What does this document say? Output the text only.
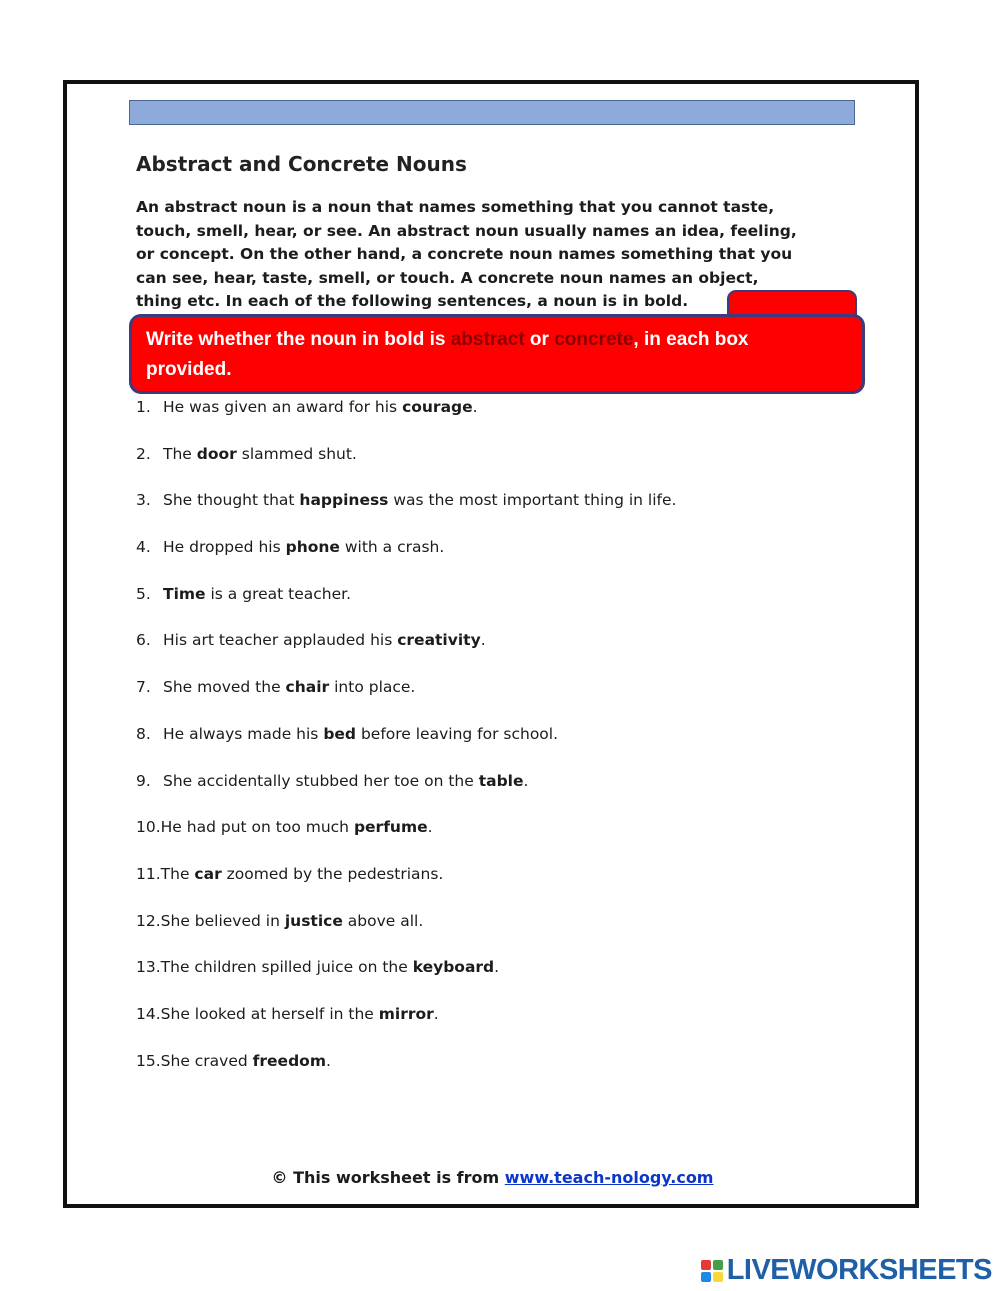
Abstract and Concrete Nouns
An abstract noun is a noun that names something that you cannot taste,
touch, smell, hear, or see. An abstract noun usually names an idea, feeling,
or concept. On the other hand, a concrete noun names something that you
can see, hear, taste, smell, or touch. A concrete noun names an object,
thing etc. In each of the following sentences, a noun is in bold.
Write whether the noun in bold is abstract or concrete, in each box
provided.
1. He was given an award for his courage.
2. The door slammed shut.
3. She thought that happiness was the most important thing in life.
4. He dropped his phone with a crash.
5. Time is a great teacher.
6. His art teacher applauded his creativity.
7. She moved the chair into place.
8. He always made his bed before leaving for school.
9. She accidentally stubbed her toe on the table.
10.He had put on too much perfume.
11.The car zoomed by the pedestrians.
12.She believed in justice above all.
13.The children spilled juice on the keyboard.
14.She looked at herself in the mirror.
15.She craved freedom.
© This worksheet is from www.teach-nology.com
LIVEWORKSHEETS
